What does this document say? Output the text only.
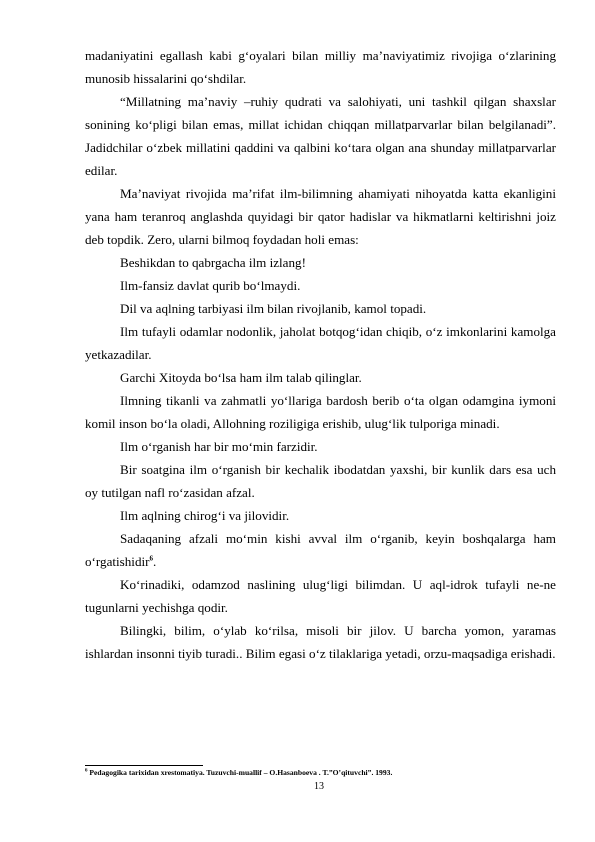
madaniyatini egallash kabi g‘oyalari bilan milliy ma’naviyatimiz rivojiga o‘zlarining munosib hissalarini qo‘shdilar.

“Millatning ma’naviy –ruhiy qudrati va salohiyati, uni tashkil qilgan shaxslar sonining ko‘pligi bilan emas, millat ichidan chiqqan millatparvarlar bilan belgilanadi”. Jadidchilar o‘zbek millatini qaddini va qalbini ko‘tara olgan ana shunday millatparvarlar edilar.

Ma’naviyat rivojida ma’rifat ilm-bilimning ahamiyati nihoyatda katta ekanligini yana ham teranroq anglashda quyidagi bir qator hadislar va hikmatlarni keltirishni joiz deb topdik. Zero, ularni bilmoq foydadan holi emas:

Beshikdan to qabrgacha ilm izlang!

Ilm-fansiz davlat qurib bo‘lmaydi.

Dil va aqlning tarbiyasi ilm bilan rivojlanib, kamol topadi.

Ilm tufayli odamlar nodonlik, jaholat botqog‘idan chiqib, o‘z imkonlarini kamolga yetkazadilar.

Garchi Xitoyda bo‘lsa ham ilm talab qilinglar.

Ilmning tikanli va zahmatli yo‘llariga bardosh berib o‘ta olgan odamgina iymoni komil inson bo‘la oladi, Allohning roziligiga erishib, ulug‘lik tulporiga minadi.

Ilm o‘rganish har bir mo‘min farzidir.

Bir soatgina ilm o‘rganish bir kechalik ibodatdan yaxshi, bir kunlik dars esa uch oy tutilgan nafl ro‘zasidan afzal.

Ilm aqlning chirog‘i va jilovidir.

Sadaqaning afzali mo‘min kishi avval ilm o‘rganib, keyin boshqalarga ham o‘rgatishidir$^6$.

Ko‘rinadiki, odamzod naslining ulug‘ligi bilimdan. U aql-idrok tufayli ne-ne tugunlarni yechishga qodir.

Bilingki, bilim, o‘ylab ko‘rilsa, misoli bir jilov. U barcha yomon, yaramas ishlardan insonni tiyib turadi.. Bilim egasi o‘z tilaklariga yetadi, orzu-maqsadiga erishadi.

$^6$ Pedagogika tarixidan xrestomatiya. Tuzuvchi-muallif – O.Hasanboeva . T.”O’qituvchi”. 1993.
13
